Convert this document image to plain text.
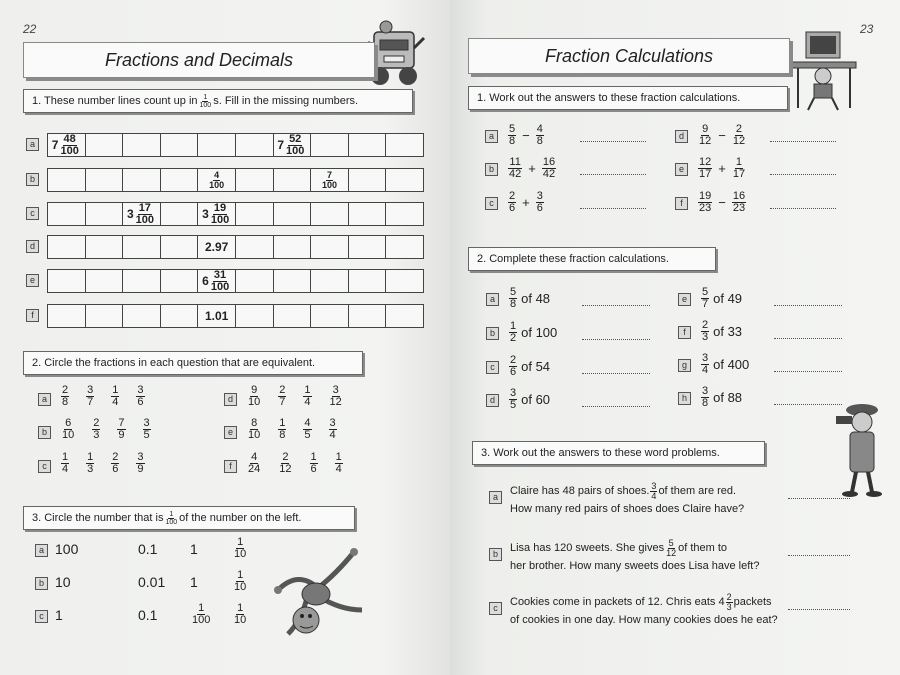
22
Fractions and Decimals
1. These number lines count up in $\frac{1}{100} s$. Fill in the missing numbers.
a	$7 \frac{48}{100}$	$7 \frac{52}{100}$
b	$\frac{4}{100}$	$\frac{7}{100}$
c	$3 \frac{17}{100}$	$3 \frac{19}{100}$
d	2.97
e	$6 \frac{31}{100}$
f	1.01
2. Circle the fractions in each question that are equivalent.
a	$\frac{2}{8} \frac{3}{7} \frac{1}{4} \frac{3}{6}$
b	$\frac{6}{10} \frac{2}{3} \frac{7}{9} \frac{3}{5}$
c	$\frac{1}{4} \frac{1}{3} \frac{2}{6} \frac{3}{9}$
d	$\frac{9}{10} \frac{2}{7} \frac{1}{4} \frac{3}{12}$
e	$\frac{8}{10} \frac{1}{8} \frac{4}{5} \frac{3}{4}$
f	$\frac{4}{24} \frac{2}{12} \frac{1}{6} \frac{1}{4}$
3. Circle the number that is $\frac{1}{100}$ of the number on the left.
a 100	0.1 1	$\frac{1}{10}$
b 10	0.01 1	$\frac{1}{10}$
c 1	0.1	$\frac{1}{100} \frac{1}{10}$
23
Fraction Calculations
1. Work out the answers to these fraction calculations.
a	$\frac{5}{8} - \frac{4}{8}$
b	$\frac{11}{42} + \frac{16}{42}$
c	$\frac{2}{6} + \frac{3}{6}$
d	$\frac{9}{12} - \frac{2}{12}$
e	$\frac{12}{17} + \frac{1}{17}$
f	$\frac{19}{23} - \frac{16}{23}$
2. Complete these fraction calculations.
a	$\frac{5}{8}$ of 48
b	$\frac{1}{2}$ of 100
c	$\frac{2}{6}$ of 54
d	$\frac{3}{5}$ of 60
e	$\frac{5}{7}$ of 49
f	$\frac{2}{3}$ of 33
g	$\frac{3}{4}$ of 400
h	$\frac{3}{8}$ of 88
3. Work out the answers to these word problems.
a	Claire has 48 pairs of shoes. $\frac{3}{4}$ of them are red.
How many red pairs of shoes does Claire have?
b	Lisa has 120 sweets. She gives $\frac{5}{12}$ of them to
her brother. How many sweets does Lisa have left?
c	Cookies come in packets of 12. Chris eats $4 \frac{2}{3}$ packets
of cookies in one day. How many cookies does he eat?
